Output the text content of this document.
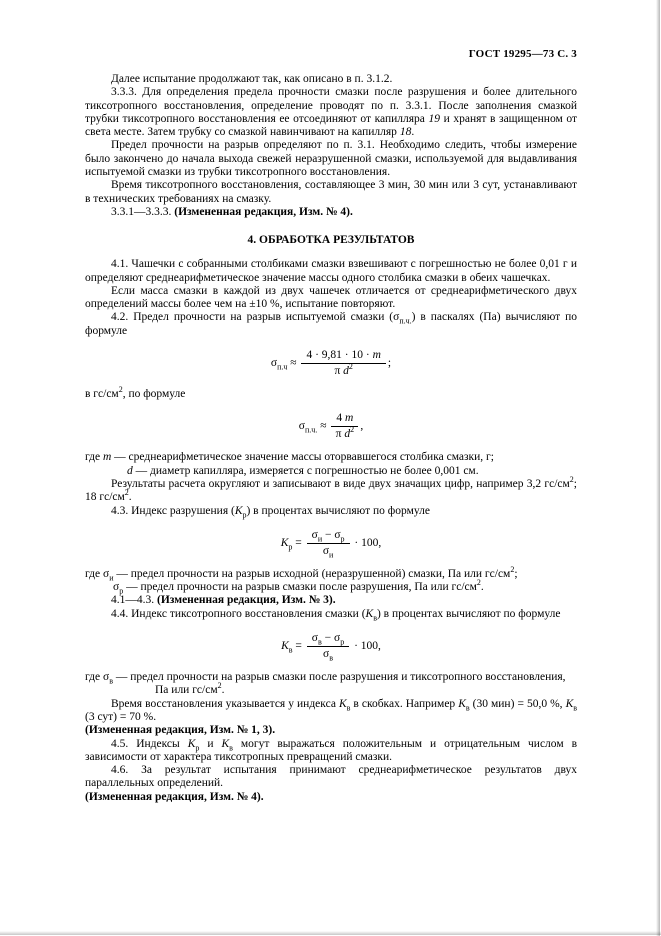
ГОСТ 19295—73 С. 3

Далее испытание продолжают так, как описано в п. 3.1.2.

3.3.3. Для определения предела прочности смазки после разрушения и более длительного тиксотропного восстановления, определение проводят по п. 3.3.1. После заполнения смазкой трубки тиксотропного восстановления ее отсоединяют от капилляра 19 и хранят в защищенном от света месте. Затем трубку со смазкой навинчивают на капилляр 18.

Предел прочности на разрыв определяют по п. 3.1. Необходимо следить, чтобы измерение было закончено до начала выхода свежей неразрушенной смазки, используемой для выдавливания испытуемой смазки из трубки тиксотропного восстановления.

Время тиксотропного восстановления, составляющее 3 мин, 30 мин или 3 сут, устанавливают в технических требованиях на смазку.

3.3.1—3.3.3. (Измененная редакция, Изм. № 4).

4. ОБРАБОТКА РЕЗУЛЬТАТОВ

4.1. Чашечки с собранными столбиками смазки взвешивают с погрешностью не более 0,01 г и определяют среднеарифметическое значение массы одного столбика смазки в обеих чашечках.

Если масса смазки в каждой из двух чашечек отличается от среднеарифметического двух определений массы более чем на ±10 %, испытание повторяют.

4.2. Предел прочности на разрыв испытуемой смазки $(\sigma_{п.ч.})$ в паскалях (Па) вычисляют по формуле

$\sigma_{п.ч} \approx \frac{4 \cdot 9,81 \cdot 10 \cdot m}{\pi d^2}$ ;

в $гс/см^2$, по формуле

$\sigma_{п.ч.} \approx \frac{4 m}{\pi d^2}$ ,

где m — среднеарифметическое значение массы оторвавшегося столбика смазки, г;

d — диаметр капилляра, измеряется с погрешностью не более 0,001 см.

Результаты расчета округляют и записывают в виде двух значащих цифр, например 3,2 $гс/см^2$; 18 $гс/см^2$.

4.3. Индекс разрушения $(К_р)$ в процентах вычисляют по формуле

$К_р = \frac{\sigma_и - \sigma_р}{\sigma_и} \cdot 100$,

где $\sigma_и$ — предел прочности на разрыв исходной (неразрушенной) смазки, Па или $гс/см^2$;

$\sigma_р$ — предел прочности на разрыв смазки после разрушения, Па или $гс/см^2$.

4.1—4.3. (Измененная редакция, Изм. № 3).

4.4. Индекс тиксотропного восстановления смазки $(К_в)$ в процентах вычисляют по формуле

$К_в = \frac{\sigma_в - \sigma_р}{\sigma_в} \cdot 100$,

где $\sigma_в$ — предел прочности на разрыв смазки после разрушения и тиксотропного восстановления,

Па или $гс/см^2$.

Время восстановления указывается у индекса $К_в$ в скобках. Например $К_в$ (30 мин) = 50,0 %, $К_в$ (3 сут) = 70 %.

(Измененная редакция, Изм. № 1, 3).

4.5. Индексы $К_р$ и $К_в$ могут выражаться положительным и отрицательным числом в зависимости от характера тиксотропных превращений смазки.

4.6. За результат испытания принимают среднеарифметическое результатов двух параллельных определений.

(Измененная редакция, Изм. № 4).
